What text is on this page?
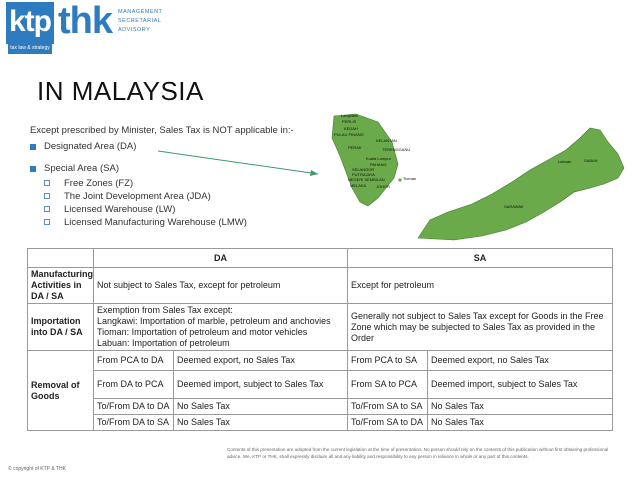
ktp
tax law & strategy
thk MANAGEMENT
SECRETARIAL
ADVISORY
IN MALAYSIA
Except prescribed by Minister, Sales Tax is NOT applicable in:-
Designated Area (DA)
Special Area (SA)
Free Zones (FZ)
The Joint Development Area (JDA)
Licensed Warehouse (LW)
Licensed Manufacturing Warehouse (LMW)
Langkawi
PERLIS
KEDAH
PULAU PINANG
PERAK
KELANTAN
TERENGGANU
PAHANG
SELANGOR
PUTRAJAYA
NEGERI SEMBILAN
MELAKA JOHOR
Kuala Lumpur
Tioman
Labuan	SABAH
SARAWAK
	DA		SA	
Manufacturing Activities in DA / SA	Not subject to Sales Tax, except for petroleum		Except for petroleum	
Importation into DA / SA	Exemption from Sales Tax except:
Langkawi: Importation of marble, petroleum and anchovies
Tioman: Importation of petroleum and motor vehicles
Labuan: Importation of petroleum		Generally not subject to Sales Tax except for Goods in the Free Zone which may be subjected to Sales Tax as provided in the Order	
Removal of Goods	From PCA to DA	Deemed export, no Sales Tax	From PCA to SA	Deemed export, no Sales Tax
	From DA to PCA	Deemed import, subject to Sales Tax	From SA to PCA	Deemed import, subject to Sales Tax
	To/From DA to DA	No Sales Tax	To/From SA to SA	No Sales Tax
	To/From DA to SA	No Sales Tax	To/From SA to DA	No Sales Tax
Contents of this presentation are adopted from the current legislation at the time of presentation. No person should rely on the contents of this publication without first obtaining professional advice. We, KTP or THK, shall expressly disclaim all and any liability and responsibility to any person in reliance in whole or any part of this contents.
© copyright of KTP & THK
